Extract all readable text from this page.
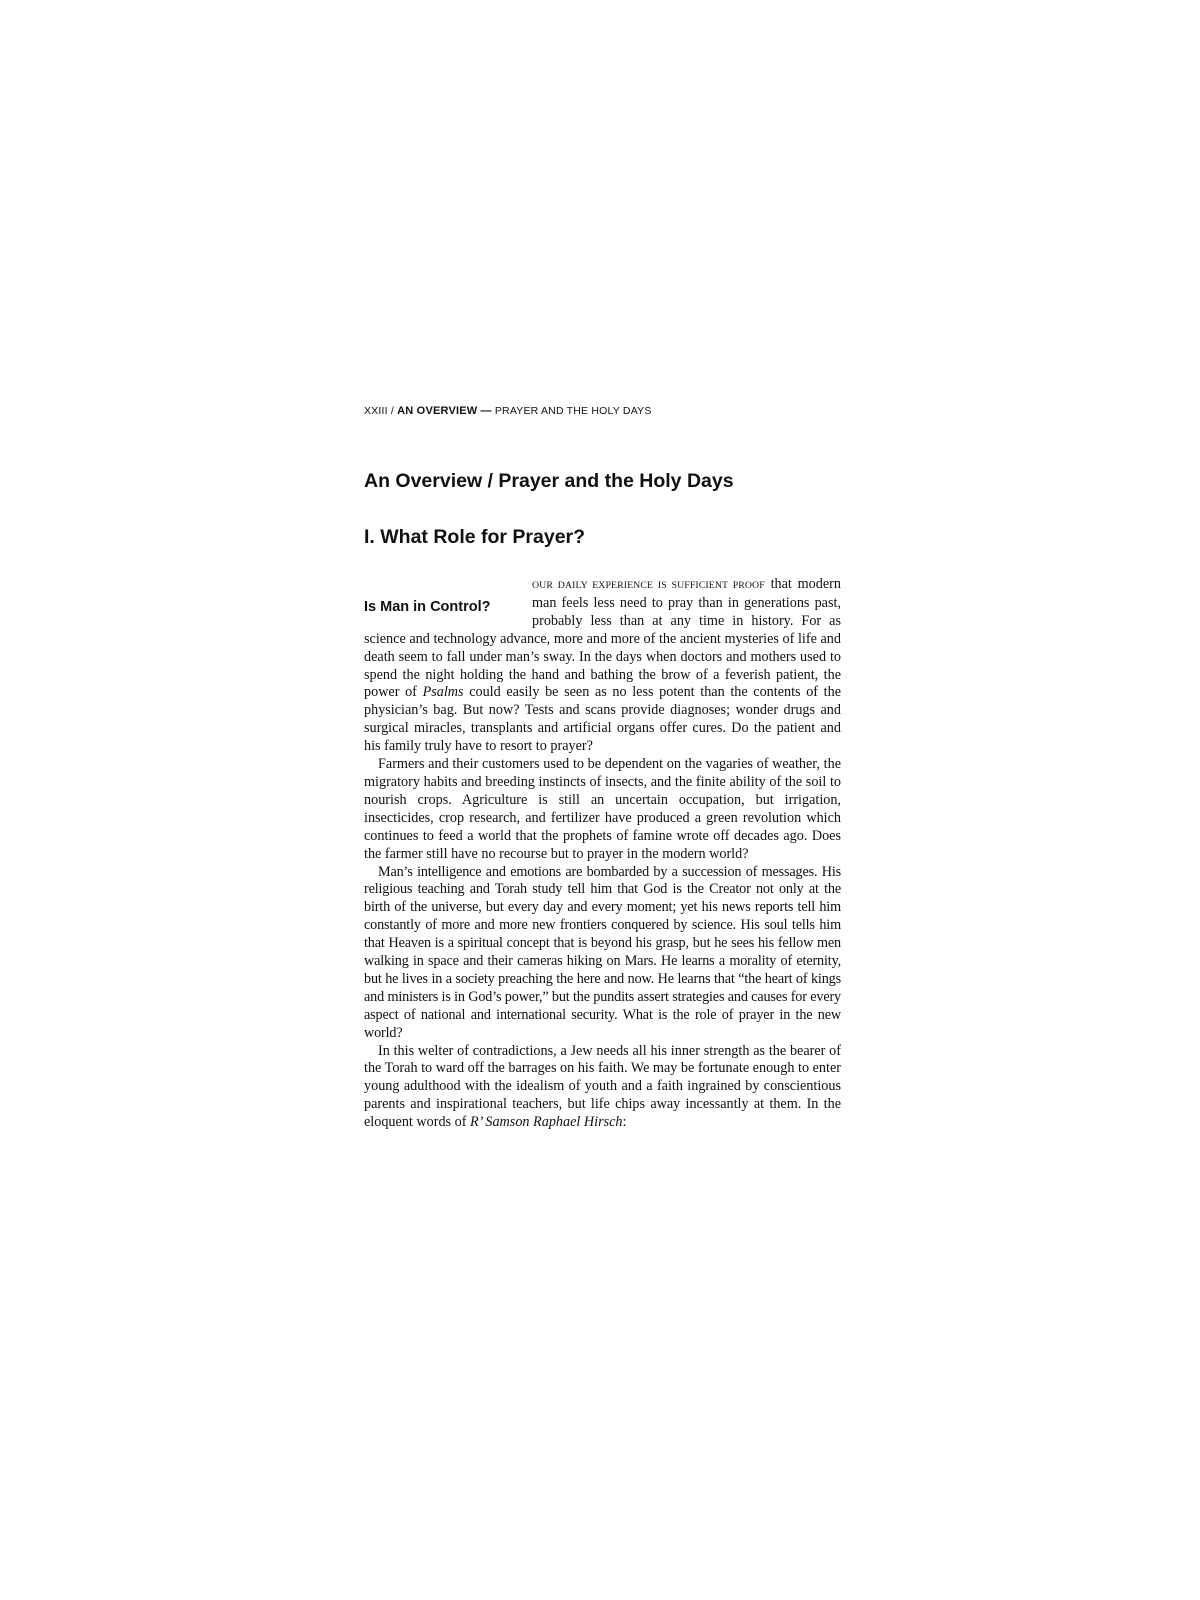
XXIII / AN OVERVIEW — PRAYER AND THE HOLY DAYS
An Overview / Prayer and the Holy Days
I. What Role for Prayer?

Is Man in Control?
OUR DAILY EXPERIENCE IS SUFFICIENT PROOF that modern man feels less need to pray than in generations past, probably less than at any time in history. For as science and technology advance, more and more of the ancient mysteries of life and death seem to fall under man’s sway. In the days when doctors and mothers used to spend the night holding the hand and bathing the brow of a feverish patient, the power of Psalms could easily be seen as no less potent than the contents of the physician’s bag. But now? Tests and scans provide diagnoses; wonder drugs and surgical miracles, transplants and artificial organs offer cures. Do the patient and his family truly have to resort to prayer?

Farmers and their customers used to be dependent on the vagaries of weather, the migratory habits and breeding instincts of insects, and the finite ability of the soil to nourish crops. Agriculture is still an uncertain occupation, but irrigation, insecticides, crop research, and fertilizer have produced a green revolution which continues to feed a world that the prophets of famine wrote off decades ago. Does the farmer still have no recourse but to prayer in the modern world?

Man’s intelligence and emotions are bombarded by a succession of messages. His religious teaching and Torah study tell him that God is the Creator not only at the birth of the universe, but every day and every moment; yet his news reports tell him constantly of more and more new frontiers conquered by science. His soul tells him that Heaven is a spiritual concept that is beyond his grasp, but he sees his fellow men walking in space and their cameras hiking on Mars. He learns a morality of eternity, but he lives in a society preaching the here and now. He learns that “the heart of kings and ministers is in God’s power,” but the pundits assert strategies and causes for every aspect of national and international security. What is the role of prayer in the new world?

In this welter of contradictions, a Jew needs all his inner strength as the bearer of the Torah to ward off the barrages on his faith. We may be fortunate enough to enter young adulthood with the idealism of youth and a faith ingrained by conscientious parents and inspirational teachers, but life chips away incessantly at them. In the eloquent words of R’ Samson Raphael Hirsch:
